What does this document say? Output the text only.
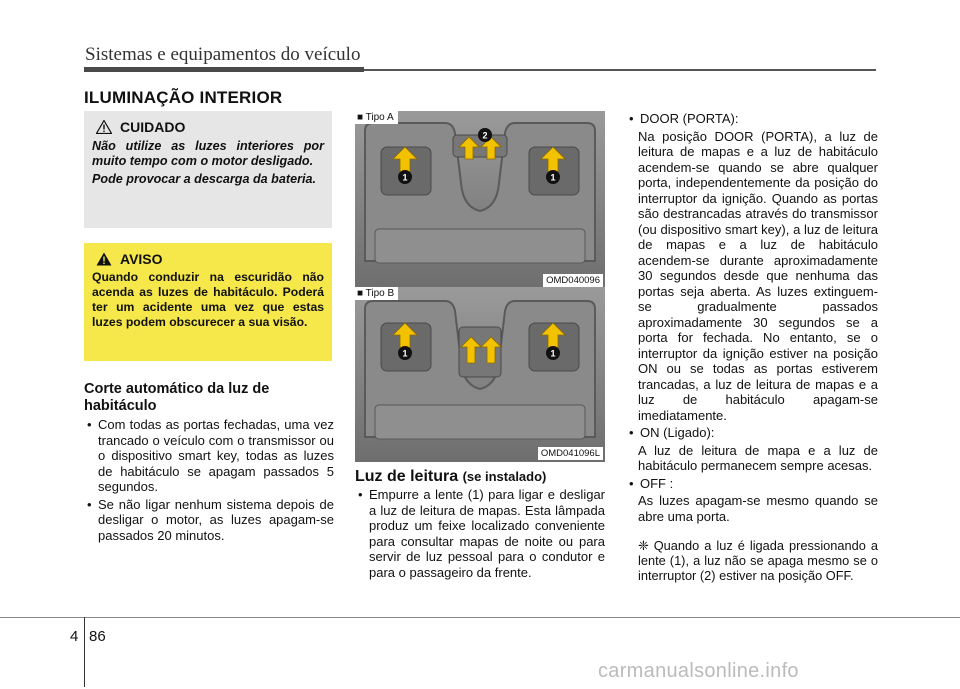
Sistemas e equipamentos do veículo
ILUMINAÇÃO INTERIOR
CUIDADO

Não utilize as luzes interiores por muito tempo com o motor desligado.

Pode provocar a descarga da bateria.

AVISO
Quando conduzir na escuridão não acenda as luzes de habitáculo. Poderá ter um acidente uma vez que estas luzes podem obscurecer a sua visão.
Corte automático da luz de habitáculo
• Com todas as portas fechadas, uma vez trancado o veículo com o transmissor ou o dispositivo smart key, todas as luzes de habitáculo se apagam passados 5 segundos.
• Se não ligar nenhum sistema depois de desligar o motor, as luzes apagam-se passados 20 minutos.
1	1
2
■ Tipo A
OMD040096
1	1
■ Tipo B
OMD041096L
Luz de leitura (se instalado)
• Empurre a lente (1) para ligar e desligar a luz de leitura de mapas. Esta lâmpada produz um feixe localizado conveniente para consultar mapas de noite ou para servir de luz pessoal para o condutor e para o passageiro da frente.
• DOOR (PORTA):
Na posição DOOR (PORTA), a luz de leitura de mapas e a luz de habitáculo acendem-se quando se abre qualquer porta, independentemente da posição do interruptor da ignição. Quando as portas são destrancadas através do transmissor (ou dispositivo smart key), a luz de leitura de mapas e a luz de habitáculo acendem-se durante aproximadamente 30 segundos desde que nenhuma das portas seja aberta. As luzes extinguem-se gradualmente passados aproximadamente 30 segundos se a porta for fechada. No entanto, se o interruptor da ignição estiver na posição ON ou se todas as portas estiverem trancadas, a luz de leitura de mapas e a luz de habitáculo apagam-se imediatamente.
• ON (Ligado):
A luz de leitura de mapa e a luz de habitáculo permanecem sempre acesas.
• OFF :
As luzes apagam-se mesmo quando se abre uma porta.
❈ Quando a luz é ligada pressionando a lente (1), a luz não se apaga mesmo se o interruptor (2) estiver na posição OFF.
4 86
carmanualsonline.info
